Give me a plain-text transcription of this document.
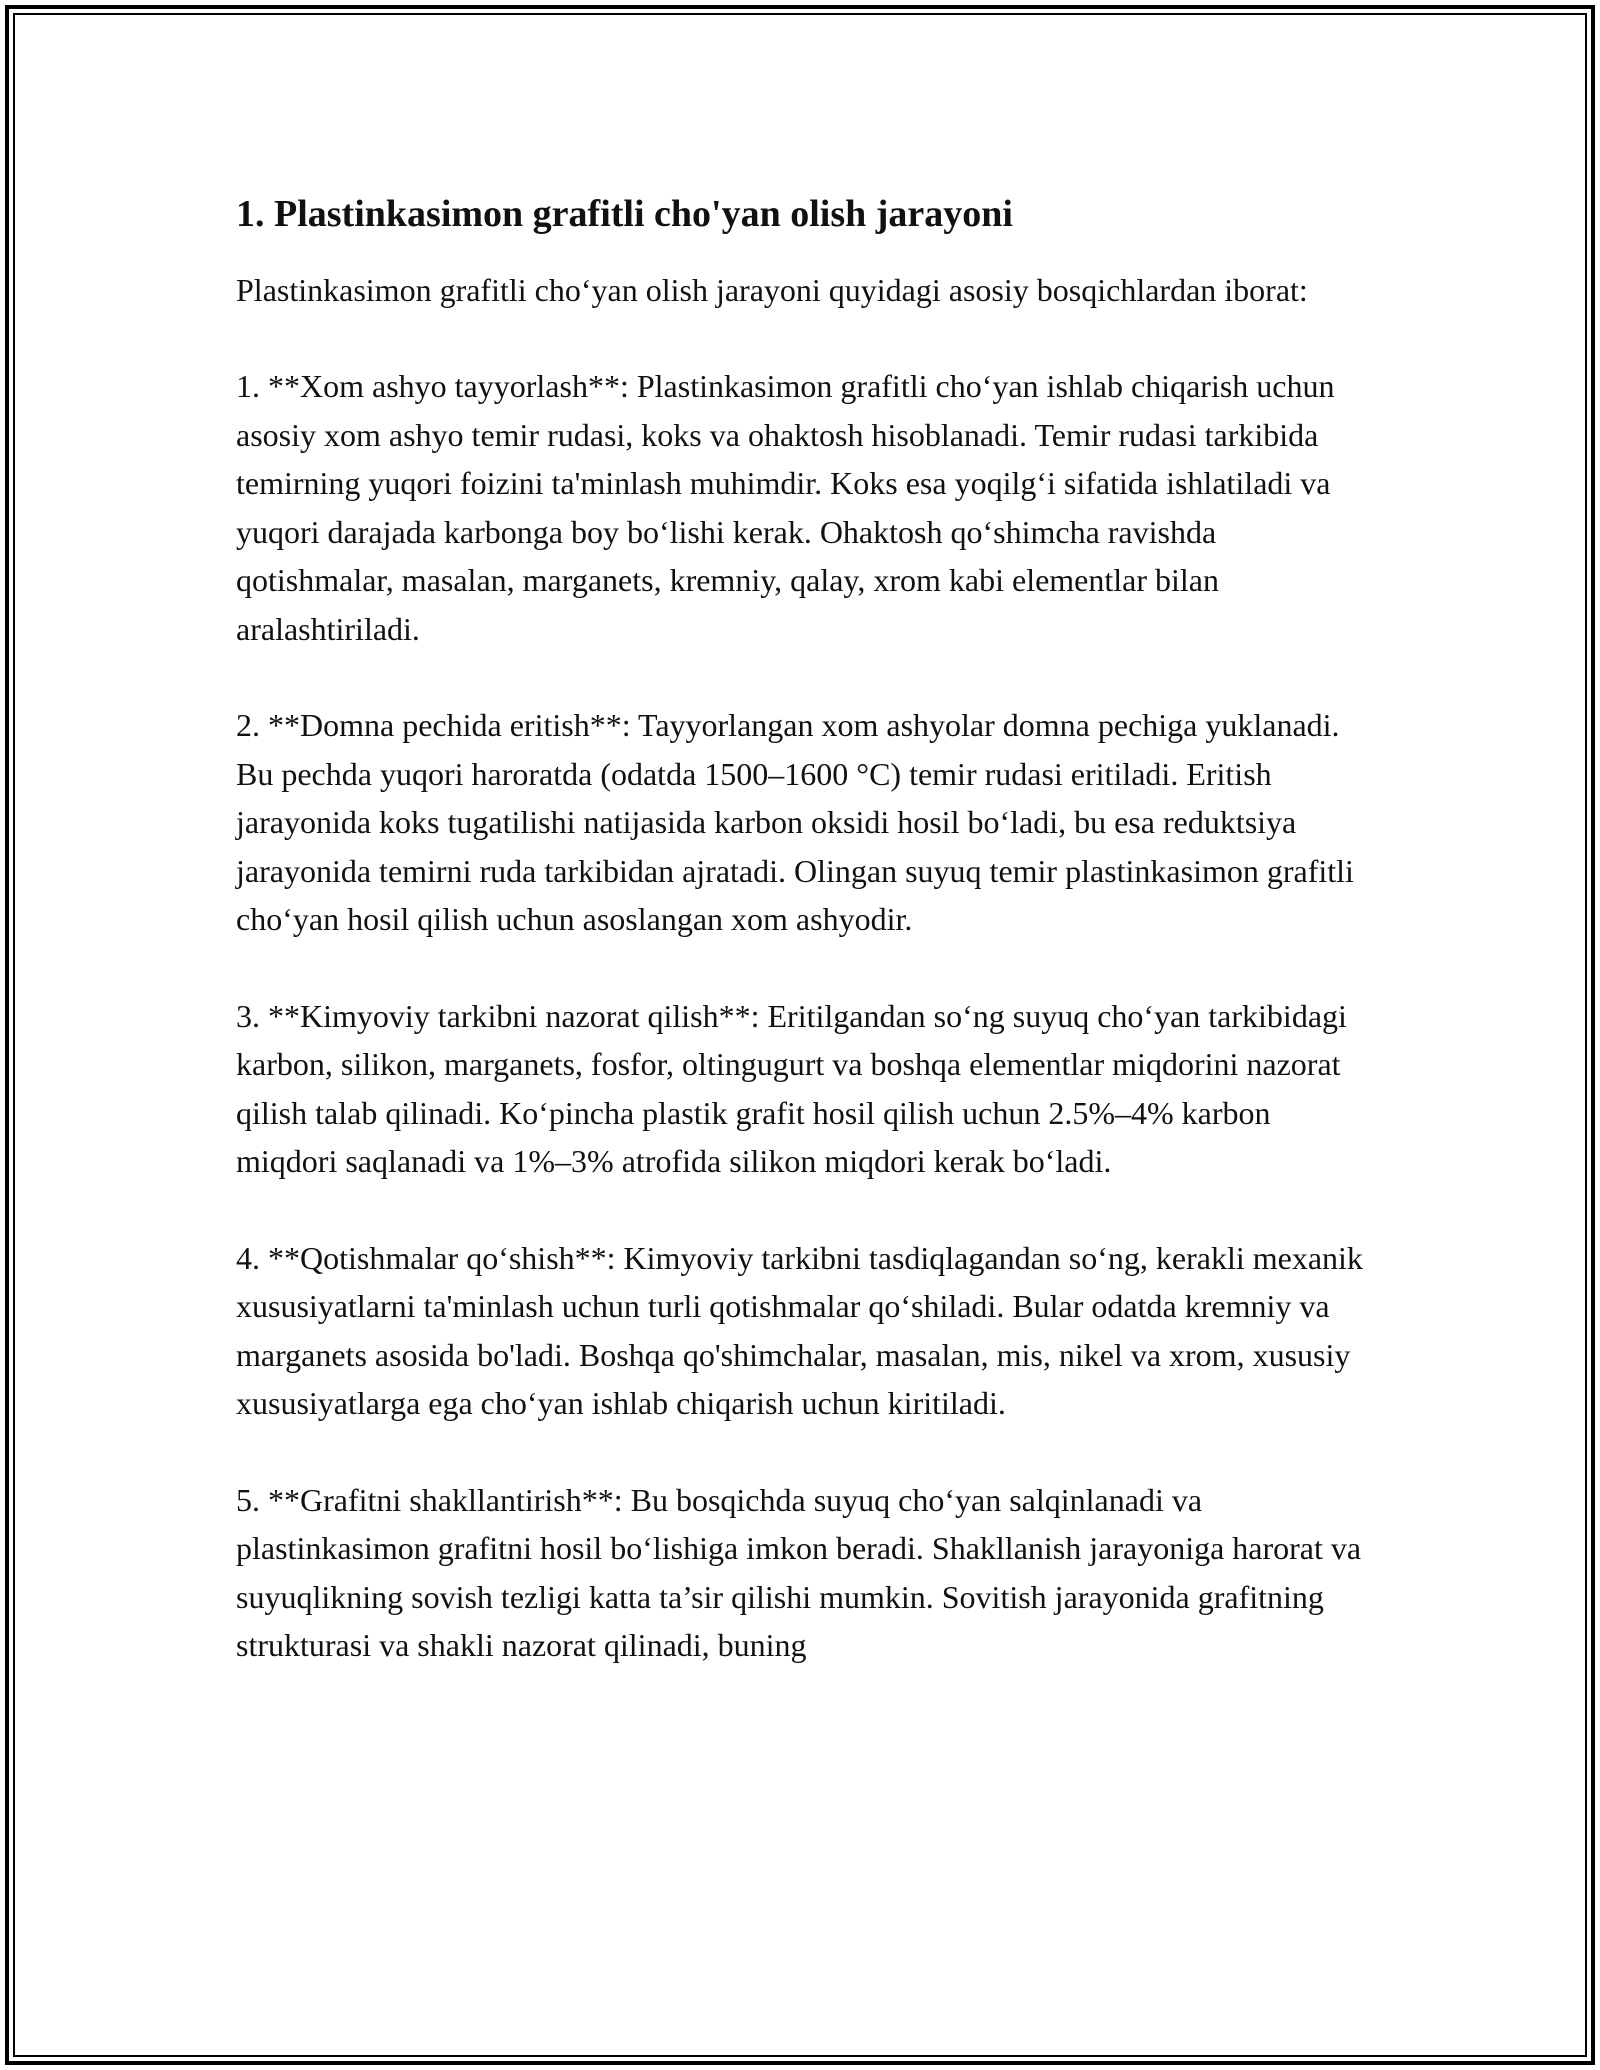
1. Plastinkasimon grafitli cho'yan olish jarayoni

Plastinkasimon grafitli cho‘yan olish jarayoni quyidagi asosiy bosqichlardan iborat:

1. **Xom ashyo tayyorlash**: Plastinkasimon grafitli cho‘yan ishlab chiqarish uchun asosiy xom ashyo temir rudasi, koks va ohaktosh hisoblanadi. Temir rudasi tarkibida temirning yuqori foizini ta'minlash muhimdir. Koks esa yoqilg‘i sifatida ishlatiladi va yuqori darajada karbonga boy bo‘lishi kerak. Ohaktosh qo‘shimcha ravishda qotishmalar, masalan, marganets, kremniy, qalay, xrom kabi elementlar bilan aralashtiriladi.

2. **Domna pechida eritish**: Tayyorlangan xom ashyolar domna pechiga yuklanadi. Bu pechda yuqori haroratda (odatda 1500–1600 °C) temir rudasi eritiladi. Eritish jarayonida koks tugatilishi natijasida karbon oksidi hosil bo‘ladi, bu esa reduktsiya jarayonida temirni ruda tarkibidan ajratadi. Olingan suyuq temir plastinkasimon grafitli cho‘yan hosil qilish uchun asoslangan xom ashyodir.

3. **Kimyoviy tarkibni nazorat qilish**: Eritilgandan so‘ng suyuq cho‘yan tarkibidagi karbon, silikon, marganets, fosfor, oltingugurt va boshqa elementlar miqdorini nazorat qilish talab qilinadi. Ko‘pincha plastik grafit hosil qilish uchun 2.5%–4% karbon miqdori saqlanadi va 1%–3% atrofida silikon miqdori kerak bo‘ladi.

4. **Qotishmalar qo‘shish**: Kimyoviy tarkibni tasdiqlagandan so‘ng, kerakli mexanik xususiyatlarni ta'minlash uchun turli qotishmalar qo‘shiladi. Bular odatda kremniy va marganets asosida bo'ladi. Boshqa qo'shimchalar, masalan, mis, nikel va xrom, xususiy xususiyatlarga ega cho‘yan ishlab chiqarish uchun kiritiladi.

5. **Grafitni shakllantirish**: Bu bosqichda suyuq cho‘yan salqinlanadi va plastinkasimon grafitni hosil bo‘lishiga imkon beradi. Shakllanish jarayoniga harorat va suyuqlikning sovish tezligi katta ta’sir qilishi mumkin. Sovitish jarayonida grafitning strukturasi va shakli nazorat qilinadi, buning
